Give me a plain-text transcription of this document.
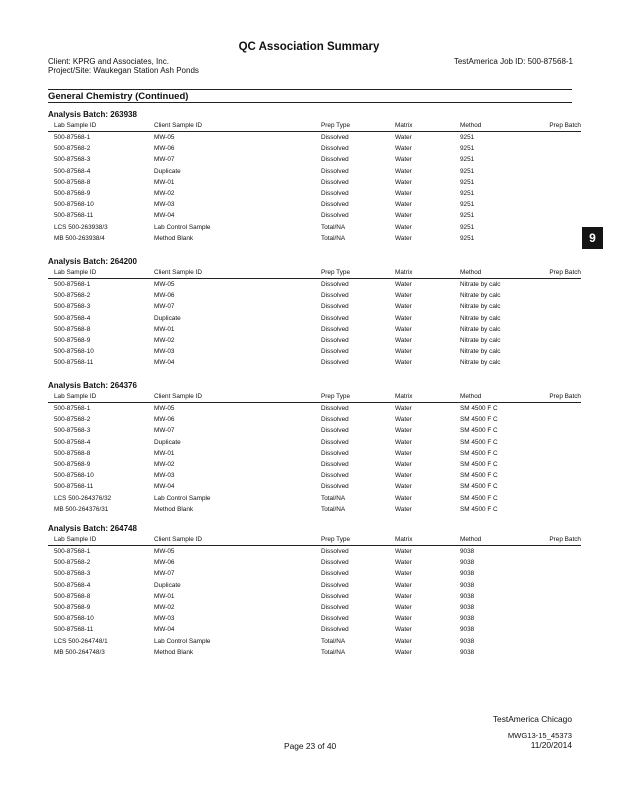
QC Association Summary
Client: KPRG and Associates, Inc.
Project/Site: Waukegan Station Ash Ponds
TestAmerica Job ID: 500-87568-1
General Chemistry (Continued)
Analysis Batch: 263938
Lab Sample ID	Client Sample ID	Prep Type	Matrix	Method	Prep Batch
500-87568-1	MW-05	Dissolved	Water	9251	
500-87568-2	MW-06	Dissolved	Water	9251	
500-87568-3	MW-07	Dissolved	Water	9251	
500-87568-4	Duplicate	Dissolved	Water	9251	
500-87568-8	MW-01	Dissolved	Water	9251	
500-87568-9	MW-02	Dissolved	Water	9251	
500-87568-10	MW-03	Dissolved	Water	9251	
500-87568-11	MW-04	Dissolved	Water	9251	
LCS 500-263938/3	Lab Control Sample	Total/NA	Water	9251	
MB 500-263938/4	Method Blank	Total/NA	Water	9251	
Analysis Batch: 264200
Lab Sample ID	Client Sample ID	Prep Type	Matrix	Method	Prep Batch
500-87568-1	MW-05	Dissolved	Water	Nitrate by calc	
500-87568-2	MW-06	Dissolved	Water	Nitrate by calc	
500-87568-3	MW-07	Dissolved	Water	Nitrate by calc	
500-87568-4	Duplicate	Dissolved	Water	Nitrate by calc	
500-87568-8	MW-01	Dissolved	Water	Nitrate by calc	
500-87568-9	MW-02	Dissolved	Water	Nitrate by calc	
500-87568-10	MW-03	Dissolved	Water	Nitrate by calc	
500-87568-11	MW-04	Dissolved	Water	Nitrate by calc	
Analysis Batch: 264376
Lab Sample ID	Client Sample ID	Prep Type	Matrix	Method	Prep Batch
500-87568-1	MW-05	Dissolved	Water	SM 4500 F C	
500-87568-2	MW-06	Dissolved	Water	SM 4500 F C	
500-87568-3	MW-07	Dissolved	Water	SM 4500 F C	
500-87568-4	Duplicate	Dissolved	Water	SM 4500 F C	
500-87568-8	MW-01	Dissolved	Water	SM 4500 F C	
500-87568-9	MW-02	Dissolved	Water	SM 4500 F C	
500-87568-10	MW-03	Dissolved	Water	SM 4500 F C	
500-87568-11	MW-04	Dissolved	Water	SM 4500 F C	
LCS 500-264376/32	Lab Control Sample	Total/NA	Water	SM 4500 F C	
MB 500-264376/31	Method Blank	Total/NA	Water	SM 4500 F C	
Analysis Batch: 264748
Lab Sample ID	Client Sample ID	Prep Type	Matrix	Method	Prep Batch
500-87568-1	MW-05	Dissolved	Water	9038	
500-87568-2	MW-06	Dissolved	Water	9038	
500-87568-3	MW-07	Dissolved	Water	9038	
500-87568-4	Duplicate	Dissolved	Water	9038	
500-87568-8	MW-01	Dissolved	Water	9038	
500-87568-9	MW-02	Dissolved	Water	9038	
500-87568-10	MW-03	Dissolved	Water	9038	
500-87568-11	MW-04	Dissolved	Water	9038	
LCS 500-264748/1	Lab Control Sample	Total/NA	Water	9038	
MB 500-264748/3	Method Blank	Total/NA	Water	9038	
9
TestAmerica Chicago
Page 23 of 40
MWG13-15_45373
11/20/2014
